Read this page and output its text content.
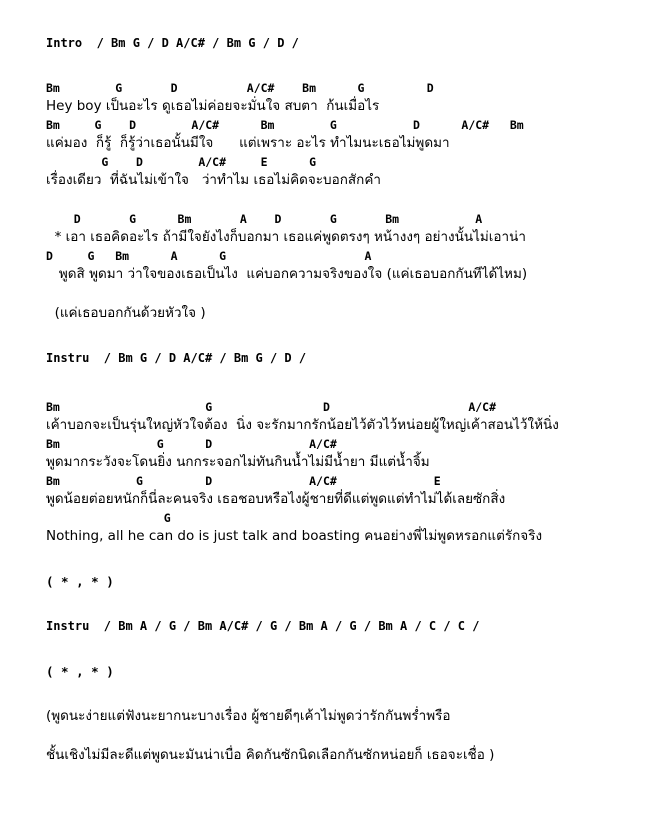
Intro  / Bm G / D A/C# / Bm G / D /
Bm        G       D          A/C#    Bm      G         D
Hey boy เป็นอะไร ดูเธอไม่ค่อยจะมั่นใจ สบตา  ก้นเมื่อไร
Bm     G    D        A/C#      Bm        G           D      A/C#   Bm
แค่มอง  ก็รู้  ก็รู้ว่าเธอนั้นมีใจ      แต่เพราะ อะไร ทำไมนะเธอไม่พูดมา
G    D        A/C#     E      G
เรื่องเดียว  ที่ฉันไม่เข้าใจ   ว่าทำไม เธอไม่คิดจะบอกสักคำ
D       G      Bm       A    D       G       Bm           A
* เอา เธอคิดอะไร ถ้ามีใจยังไงก็บอกมา เธอแค่พูดตรงๆ หน้างงๆ อย่างนั้นไม่เอาน่า
D     G   Bm      A      G                    A
พูดสิ พูดมา ว่าใจของเธอเป็นไง  แค่บอกความจริงของใจ (แค่เธอบอกกันทีได้ไหม)
(แค่เธอบอกกันด้วยหัวใจ )
Instru  / Bm G / D A/C# / Bm G / D /
Bm                     G                D                    A/C#
เค้าบอกจะเป็นรุ่นใหญ่หัวใจต้อง  นิ่ง จะรักมากรักน้อยไว้ตัวไว้หน่อยผู้ใหญ่เค้าสอนไว้ให้นิ่ง
Bm              G      D              A/C#
พูดมากระวังจะโดนยิ่ง นกกระจอกไม่ทันกินน้ำไม่มีน้ำยา มีแต่น้ำจิ้ม
Bm           G         D              A/C#              E
พูดน้อยต่อยหนักก็นี่ละคนจริง เธอชอบหรือไงผู้ชายที่ดีแต่พูดแต่ทำไม่ได้เลยซักสิ่ง
G
Nothing, all he can do is just talk and boasting คนอย่างพี่ไม่พูดหรอกแต่รักจริง
( * , * )
Instru  / Bm A / G / Bm A/C# / G / Bm A / G / Bm A / C / C /
( * , * )
(พูดนะง่ายแต่ฟังนะยากนะบางเรื่อง ผู้ชายดีๆเค้าไม่พูดว่ารักกันพร่ำพรือ
ชั้นเชิงไม่มีละดีแต่พูดนะมันน่าเบื่อ คิดกันซักนิดเลือกกันซักหน่อยก็ เธอจะเชื่อ )
